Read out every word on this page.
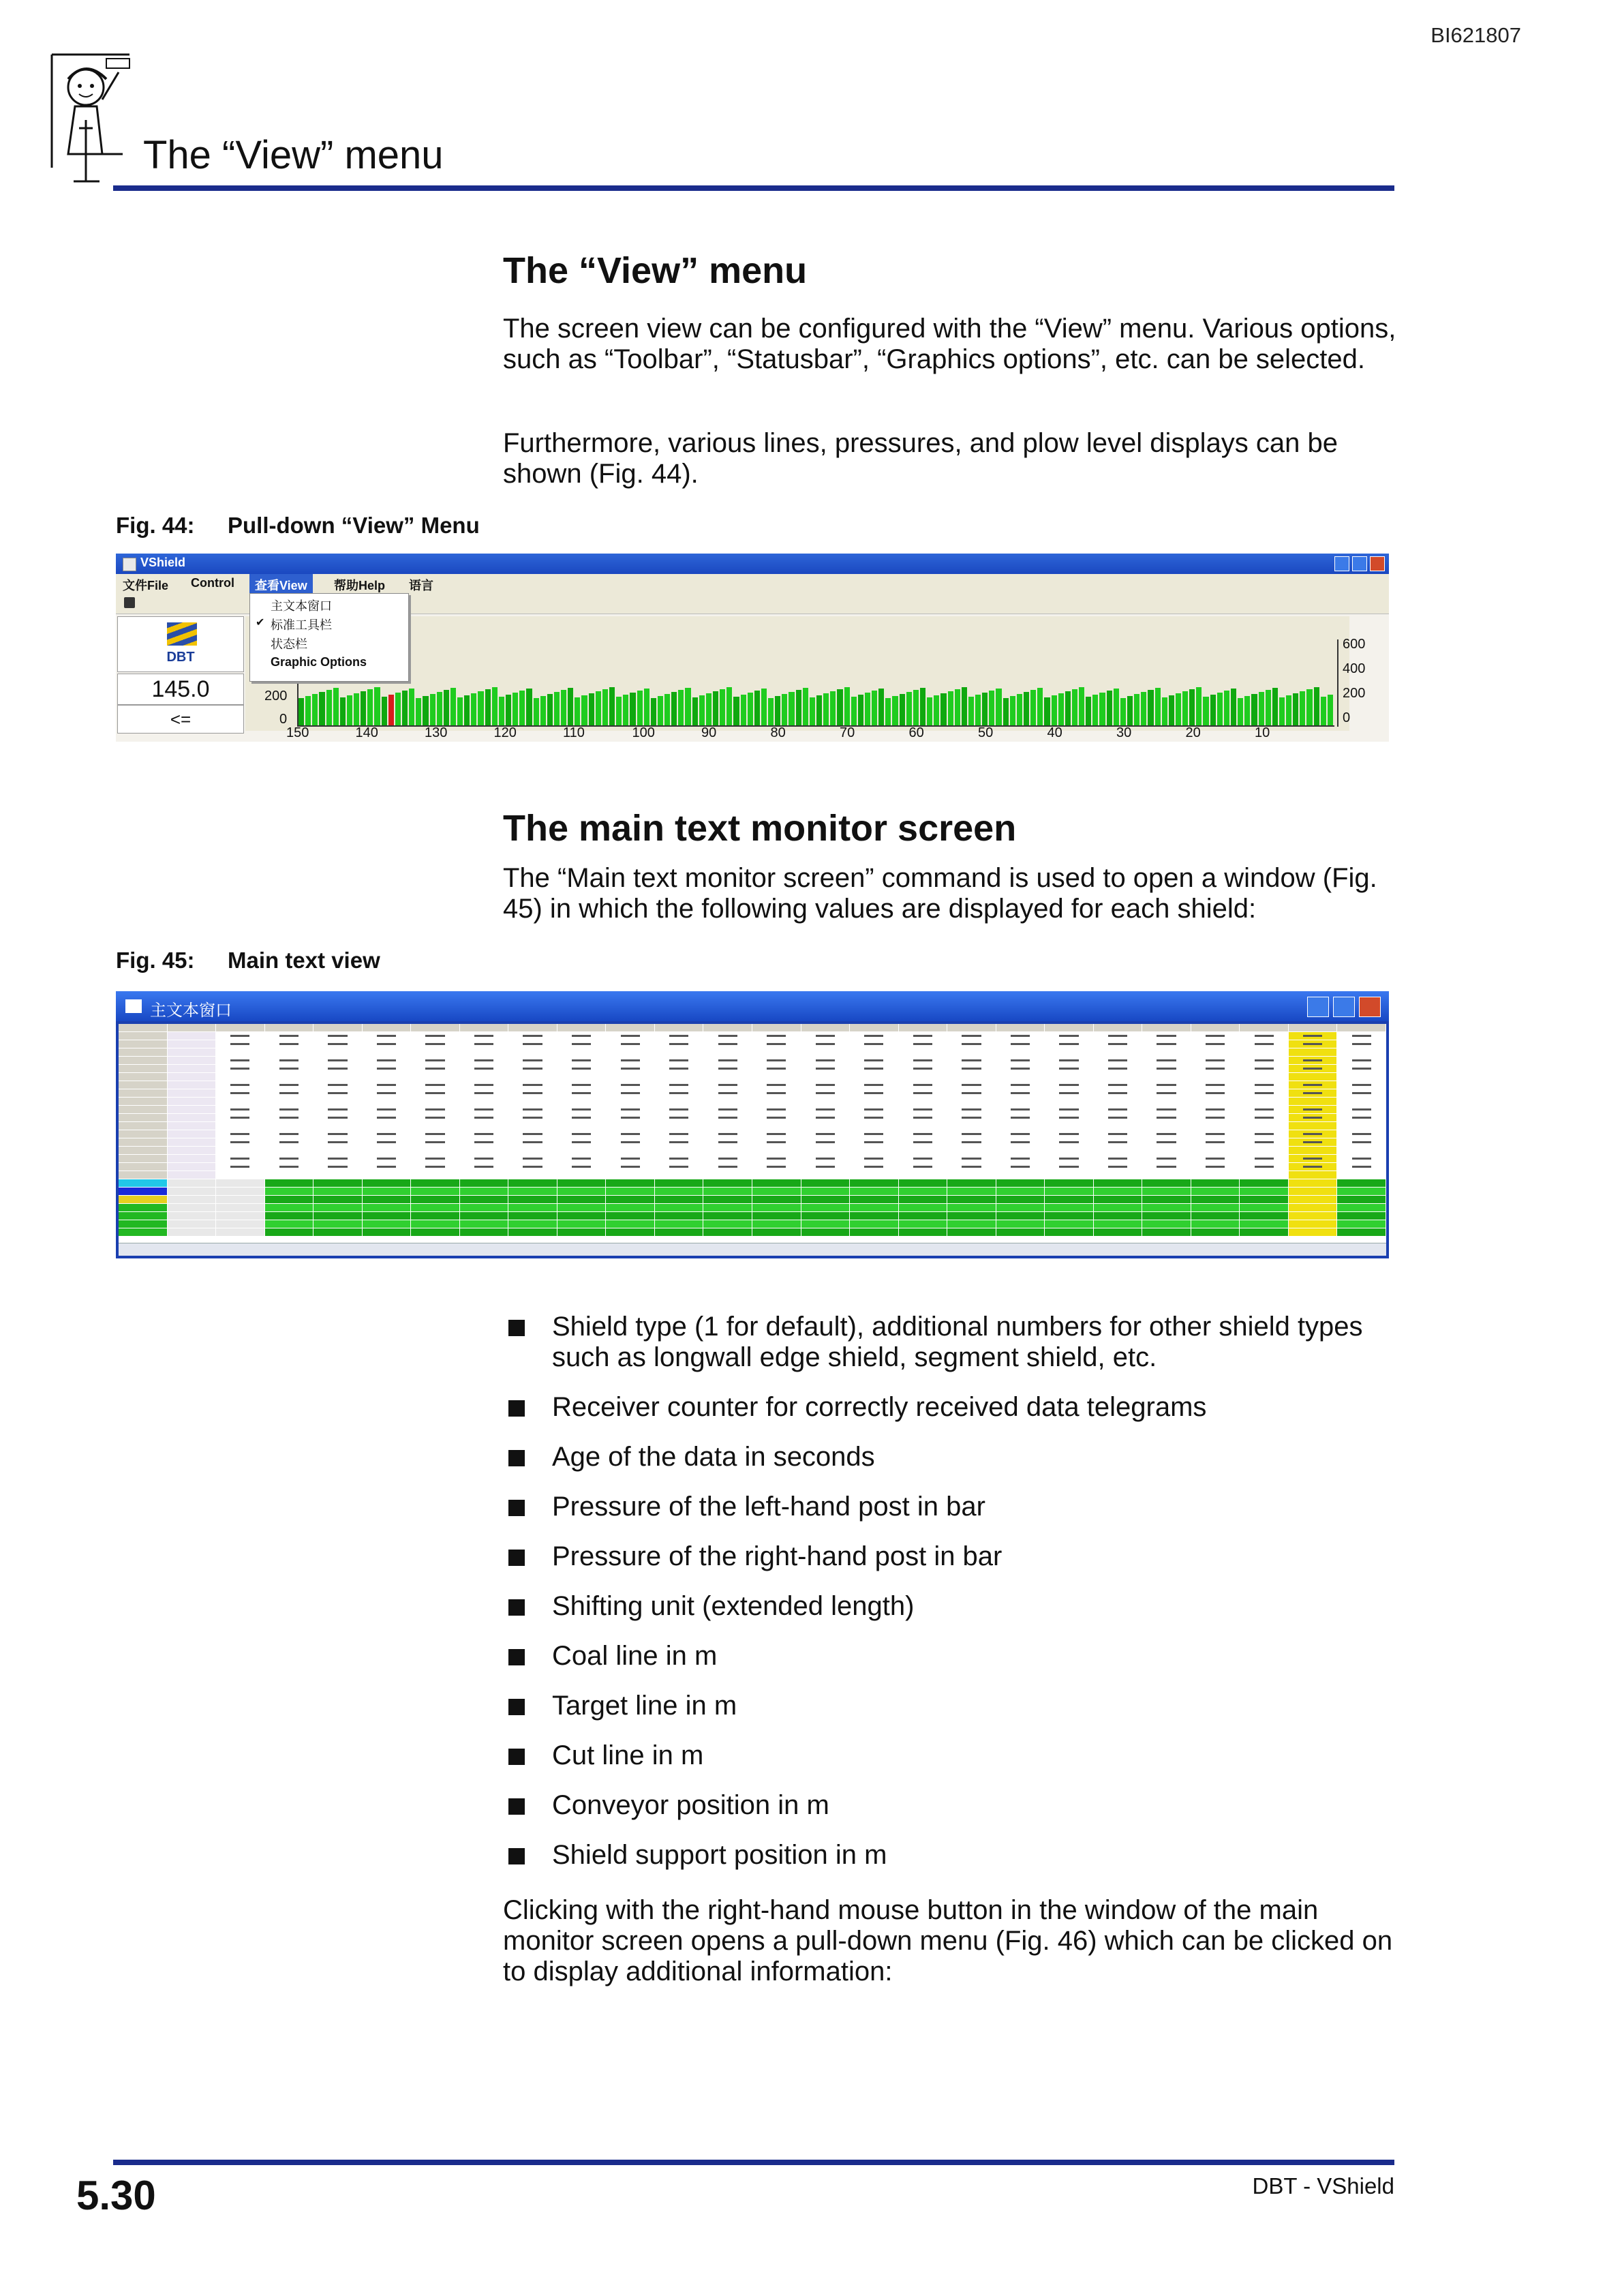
BI621807
The “View” menu
The “View” menu
The screen view can be configured with the “View” menu. Various options, such as “Toolbar”, “Statusbar”, “Graphics options”, etc. can be selected.
Furthermore, various lines, pressures, and plow level displays can be shown (Fig. 44).
Fig. 44: Pull-down “View” Menu
VShield
文件File Control	查看View	帮助Help 语言
DBT
145.0
<=
200
0
600
400
200
0
150	140	130	120	110	100	90	80	70	60	50	40	30	20	10
主文本窗口
✔ 标准工具栏
状态栏
Graphic Options
The main text monitor screen
The “Main text monitor screen” command is used to open a window (Fig. 45) in which the following values are displayed for each shield:
Fig. 45: Main text view
主文本窗口
Shield type (1 for default), additional numbers for other shield types such as longwall edge shield, segment shield, etc.
Receiver counter for correctly received data telegrams
Age of the data in seconds
Pressure of the left-hand post in bar
Pressure of the right-hand post in bar
Shifting unit (extended length)
Coal line in m
Target line in m
Cut line in m
Conveyor position in m
Shield support position in m
Clicking with the right-hand mouse button in the window of the main monitor screen opens a pull-down menu (Fig. 46) which can be clicked on to display additional information:
5.30	DBT - VShield
